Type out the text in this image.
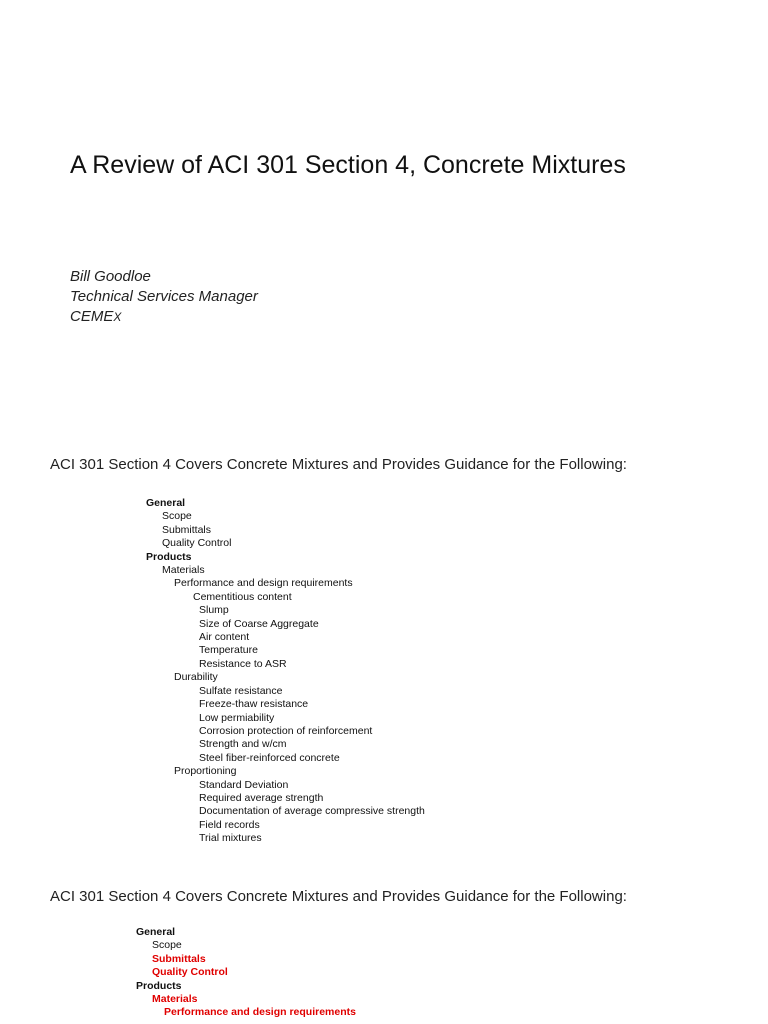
A Review of ACI 301 Section 4, Concrete Mixtures
Bill Goodloe
Technical Services Manager
CEMEX
ACI 301 Section 4 Covers Concrete Mixtures and Provides Guidance for the Following:
General
Scope
Submittals
Quality Control
Products
Materials
Performance and design requirements
Cementitious content
Slump
Size of Coarse Aggregate
Air content
Temperature
Resistance to ASR
Durability
Sulfate resistance
Freeze-thaw resistance
Low permiability
Corrosion protection of reinforcement
Strength and w/cm
Steel fiber-reinforced concrete
Proportioning
Standard Deviation
Required average strength
Documentation of average compressive strength
Field records
Trial mixtures
ACI 301 Section 4 Covers Concrete Mixtures and Provides Guidance for the Following:
General
Scope
Submittals
Quality Control
Products
Materials
Performance and design requirements
